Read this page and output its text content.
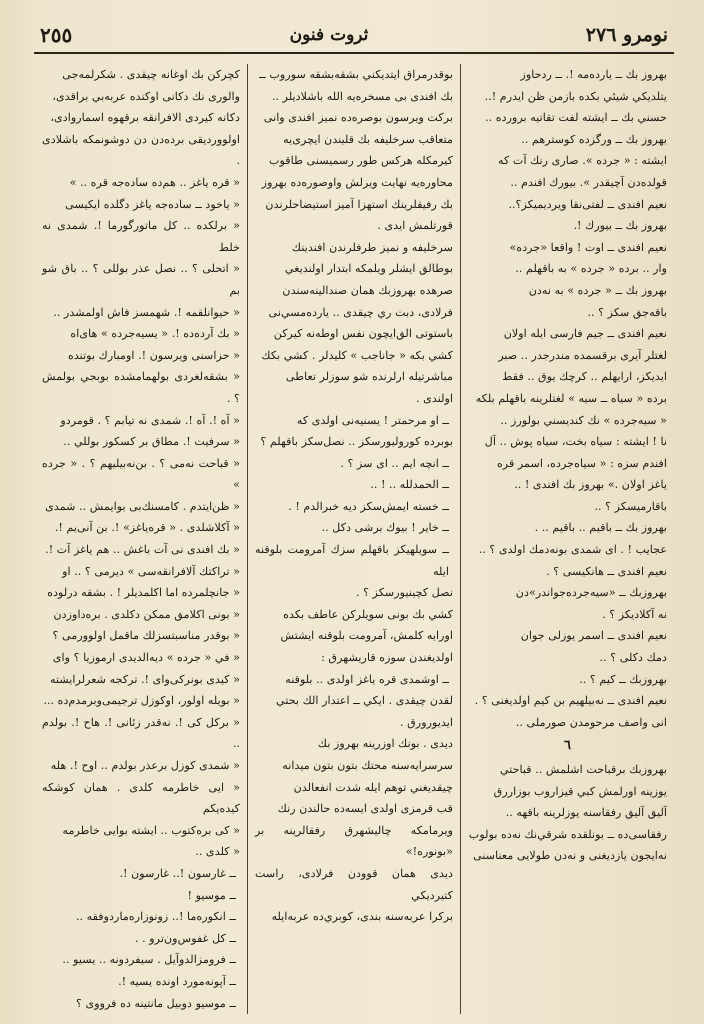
٢٥٥	ثروت فنون	نومرو ٢٧٦

بهروز بك ــ يارده‌مه !. ــ ردحاوز

يتلديكي شيئي بكده بازمن ظن ايدرم !..

حسني بك ــ ايشته لفت تقاتيه برورده ..

بهروز بك ــ ورگزده كوسترهم ..

ايشته : « جرده ». صارى رنك آت كه

قولده‌دن آچيقدر ». بيورك افندم ..

نعيم افندى ــ لفتى‌نقا ويرديميكز؟..

بهروز بك ــ بيورك !.

نعيم افندى ــ اوت ! واقعا «جرده»

وار .. برده « جرده » به باقهلم ..

بهروز بك ــ « جرده » به نه‌دن

باقه‌جق سكز ؟ ..

نعيم افندى ــ جيم فارسى ايله اولان

لغتلر آيرى برقسمده مندرجدر .. صبر

ايديكز، ارايهلم .. كرچك يوق .. فقط

برده « سياه ــ سيه » لغتلرينه باقهلم بلكه

« سيه‌جرده » نك كنديسني بولورز ..

نا ! ايشته : سياه بخت، سياه پوش .. آل

افندم سزه : « سياه‌جرده، اسمر قره

ياغز اولان .» بهروز بك افندى ! ..

باقارميسكز ؟ ..

بهروز بك ــ باقيم .. باقيم .. .

عجايب ! . اى شمدى بونه‌دمك اولدى ؟ ..

نعيم افندى ــ هانكيسى ؟ .

بهروزبك ــ «سيه‌جرده‌جواندر»دن

نه آكلاديكز ؟ .

نعيم افندى ــ اسمر يوزلى جوان

دمك دكلى ؟ ..

بهروزبك ــ كيم ؟ ..

نعيم افندى ــ نه‌بيلهيم بن كيم اولديغنى ؟ .

انى واصف مرحومدن صورملى ..

٦

بهروزبك برقباحت اشلمش .. قباحتي

يوزينه اورلمش كبي قيزاروب بوزاررق

آليق آليق رفقاسنه يوزلرينه باقهه ..

رفقاسى‌ده ــ بونلقده شرقي‌نك نه‌ده بولوب

نه‌ايجون يازديغنى و نه‌دن طولايى معناسنى

بوقدرمراق ايتديكني بشقه‌بشقه سوروب ــ

بك افندى بى مسخره‌يه الله باشلاديلر ..

بركت ويرسون بوصره‌ده نميز افندى وانى

متعاقب سرخليفه بك قليندن ايچرى‌يه

كيرمكله هركس طور رسميسنى طاقوب

محاوره‌يه نهايت ويرلش واوصوره‌ده بهروز

بك رفيقلرينك استهزا آميز استيضاحلرندن

قورتلمش ايدى .

سرخليفه و نميز طرفلرندن افندينك

بوطالق ايشلر ويلمكه ابتدار اولنديغي

صرهده بهروزبك همان صندالينه‌سندن

فرلادى، دبت ري چيقدى .. يارده‌مسي‌نى

باستوتى الق‌ايچون نفس اوطه‌نه كيركن

كشي بكه « جاناجب » كليدلر . كشي بكك

مباشرتيله ارلرنده شو سوزلر تعاطى

اولندى .

ــ او مرحمتر ! يسنيه‌نى اولدى كه

بوبرده كوروليورسكز .. نصل‌سكز باقهلم ؟

ــ انچه ايم .. اى سز ؟ .

ــ الحمدلله .. ! ..

ــ خسته‌ ايمش‌سكز ديه خبرالدم ! .

ــ خاير ! بيوك برشى دكل ..

ــ سويلهيكز باقهلم سزك آمرومت بلوقنه ايله

نصل كچينيورسكز ؟ .

كشي بك بونى سويلركن عاطف بكده

اورايه كلمش، آمرومت بلوقنه ايشتش

اولديغندن سوزه قاريشهرق :

ــ اوشمدى قره ياغز اولدى .. بلوقنه

لقدن چيقدى . ايكي ــ اعتدار الك بحتي

ايديورورق .

ديدى . بونك اوزرينه بهروز بك

سرسرايه‌سنه محتك بتون بتون ميدانه

چيقديغني توهم ايله شدت انفعالدن

قب قرمزى اولدى ايسه‌ده حالندن رنك

ويرمامكه چاليشهرق رفقالرينه بر «بونوره!»

ديدى همان قوودن فرلادى، راست كتيرديكي

بركرا عربه‌سنه بندى، كوبري‌ده عربه‌ايله

كچركن بك اوغانه چيقدى . شكرلمه‌جى

والورى نك دكانى اوكنده عربه‌بي براقدى،

دكانه كيردى الافرانقه برقهوه اسماروادى،

اولوورديقى برده‌دن دن دوشونمكه باشلادى .

« قره ياغز .. هم‌ده ساده‌جه قره .. »

« ياخود ــ ساده‌جه ياغز دگلده ايكيسى

« برلكده .. كل ماتورگورما !. شمدى نه خلط

« اتحلى ؟ .. نصل عذر بوللى ؟ .. باق شو بم

« حيوانلقمه !. شهمسز فاش اولمشدر ..

« بك آرده‌ده !. « يسيه‌جرده » هاى‌اه

« حزاسنى ويرسون !. اومبارك بوتنده

« بشقه‌لغردى بولهمامشده بوبجي بولمش ؟ .

« آه !. آه !. شمدى نه تيابم ؟ . قومردو

« سرفيت !. مطاق بر كسكوز بوللي ..

« قباحت نه‌مى ؟ . بن‌نه‌بيليهم ؟ . « جرده »

« ظن‌ايتدم . كامسنك‌بى بوايمش .. شمدى

« آكلاشلدى . « قره‌ياغز» !. بن آنى‌يم !.

« بك افندى نى آت باغش .. هم ياغز آت !.

« تراكتك آلافرانقه‌سى » ديرمى ؟ .. او

« جانچلمرده اما اكلمديلر ! . بشقه درلوده

« بونى اكلامق ممكن دكلدى . بره‌داوزدن

« بوقدر مناسبتسزلك ماقمل اولوورمى ؟

« في « جرده » ديه‌الديدى ارموزيا ؟ واى

« كيدى بونركى‌واى !. تركجه شعرلرايشته

« بويله اولور، اوكوزل ترجيمى‌وبرمدم‌ده ...

« بركل كى !. نه‌قدر زئانى !. هاح !. بولدم ..

« شمدى كوزل برعذر بولدم .. اوح !. هله

« ايى خاطرمه كلدى . همان كوشكه كيده‌يكم

« كى بره‌كتوب .. ايشته بوايى خاطرمه

« كلدى ..

ــ غارسون !.. غارسون !.

ــ موسيو !

ــ انكوره‌ما !.. زونوزاره‌ماردوفقه ..

ــ كل غفوس‌ون‌ترو . .

ــ فرومز‌الدوآيل . سيفردونه .. يسيو ..

ــ آپونه‌مورد اونده يسيه !.

ــ موسيو دوبيل مانتينه ده فرووى ؟
